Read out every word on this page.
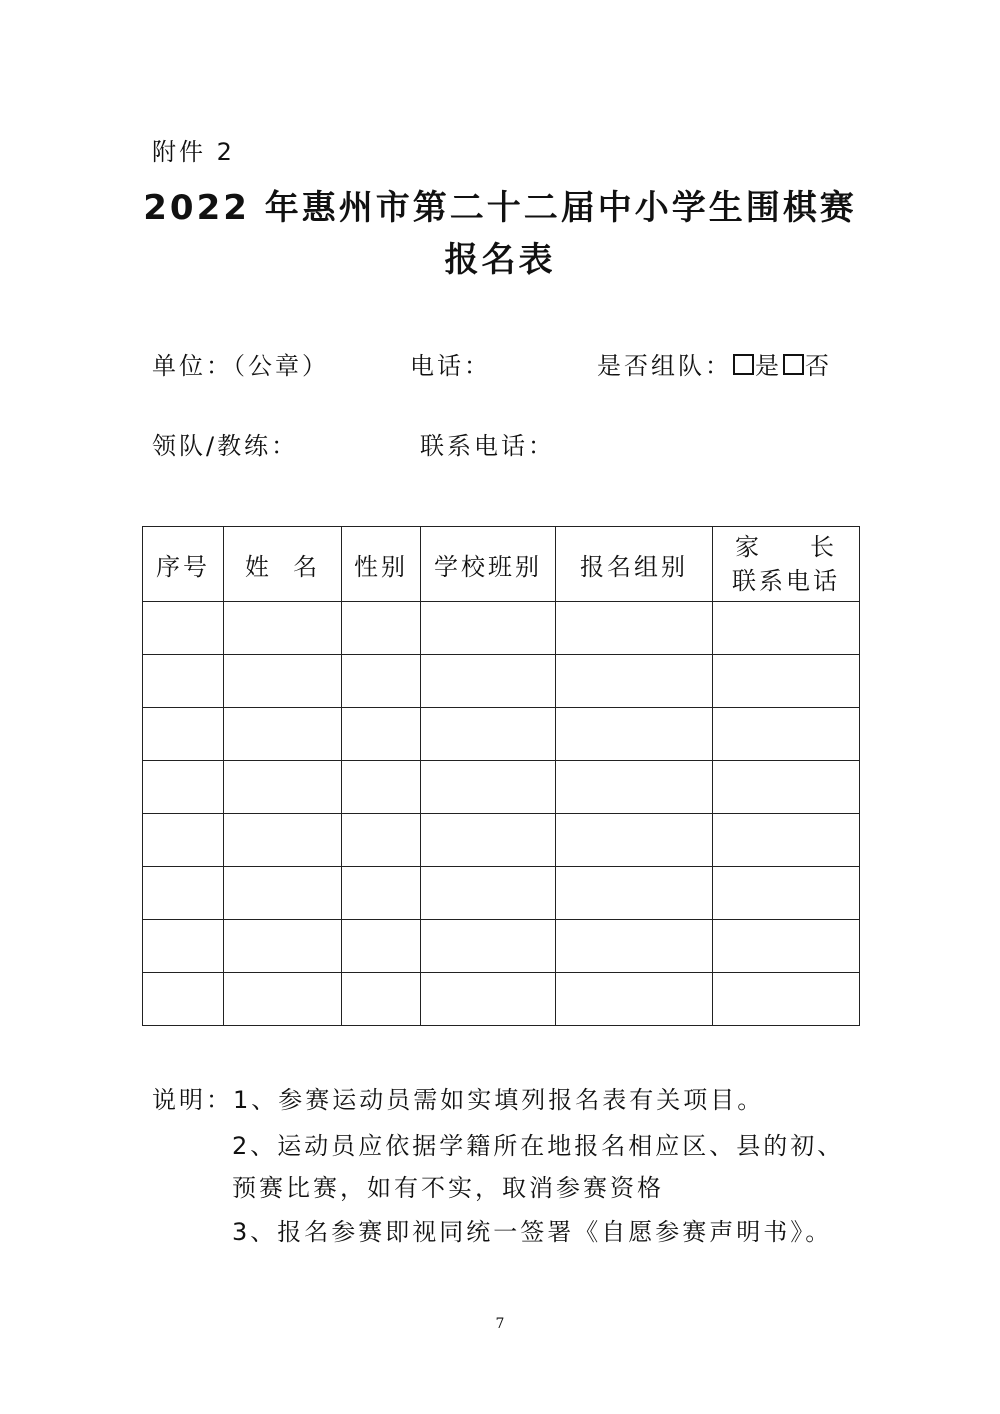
附件 2
2022 年惠州市第二十二届中小学生围棋赛
报名表
单位：（公章）	电话：	是否组队： 是 否
领队/教练：	联系电话：
序号	姓  名	性别	学校班别	报名组别	家 长
联系电话

说明：1、参赛运动员需如实填列报名表有关项目。
2、运动员应依据学籍所在地报名相应区、县的初、
预赛比赛，如有不实，取消参赛资格
3、报名参赛即视同统一签署《自愿参赛声明书》。
7
